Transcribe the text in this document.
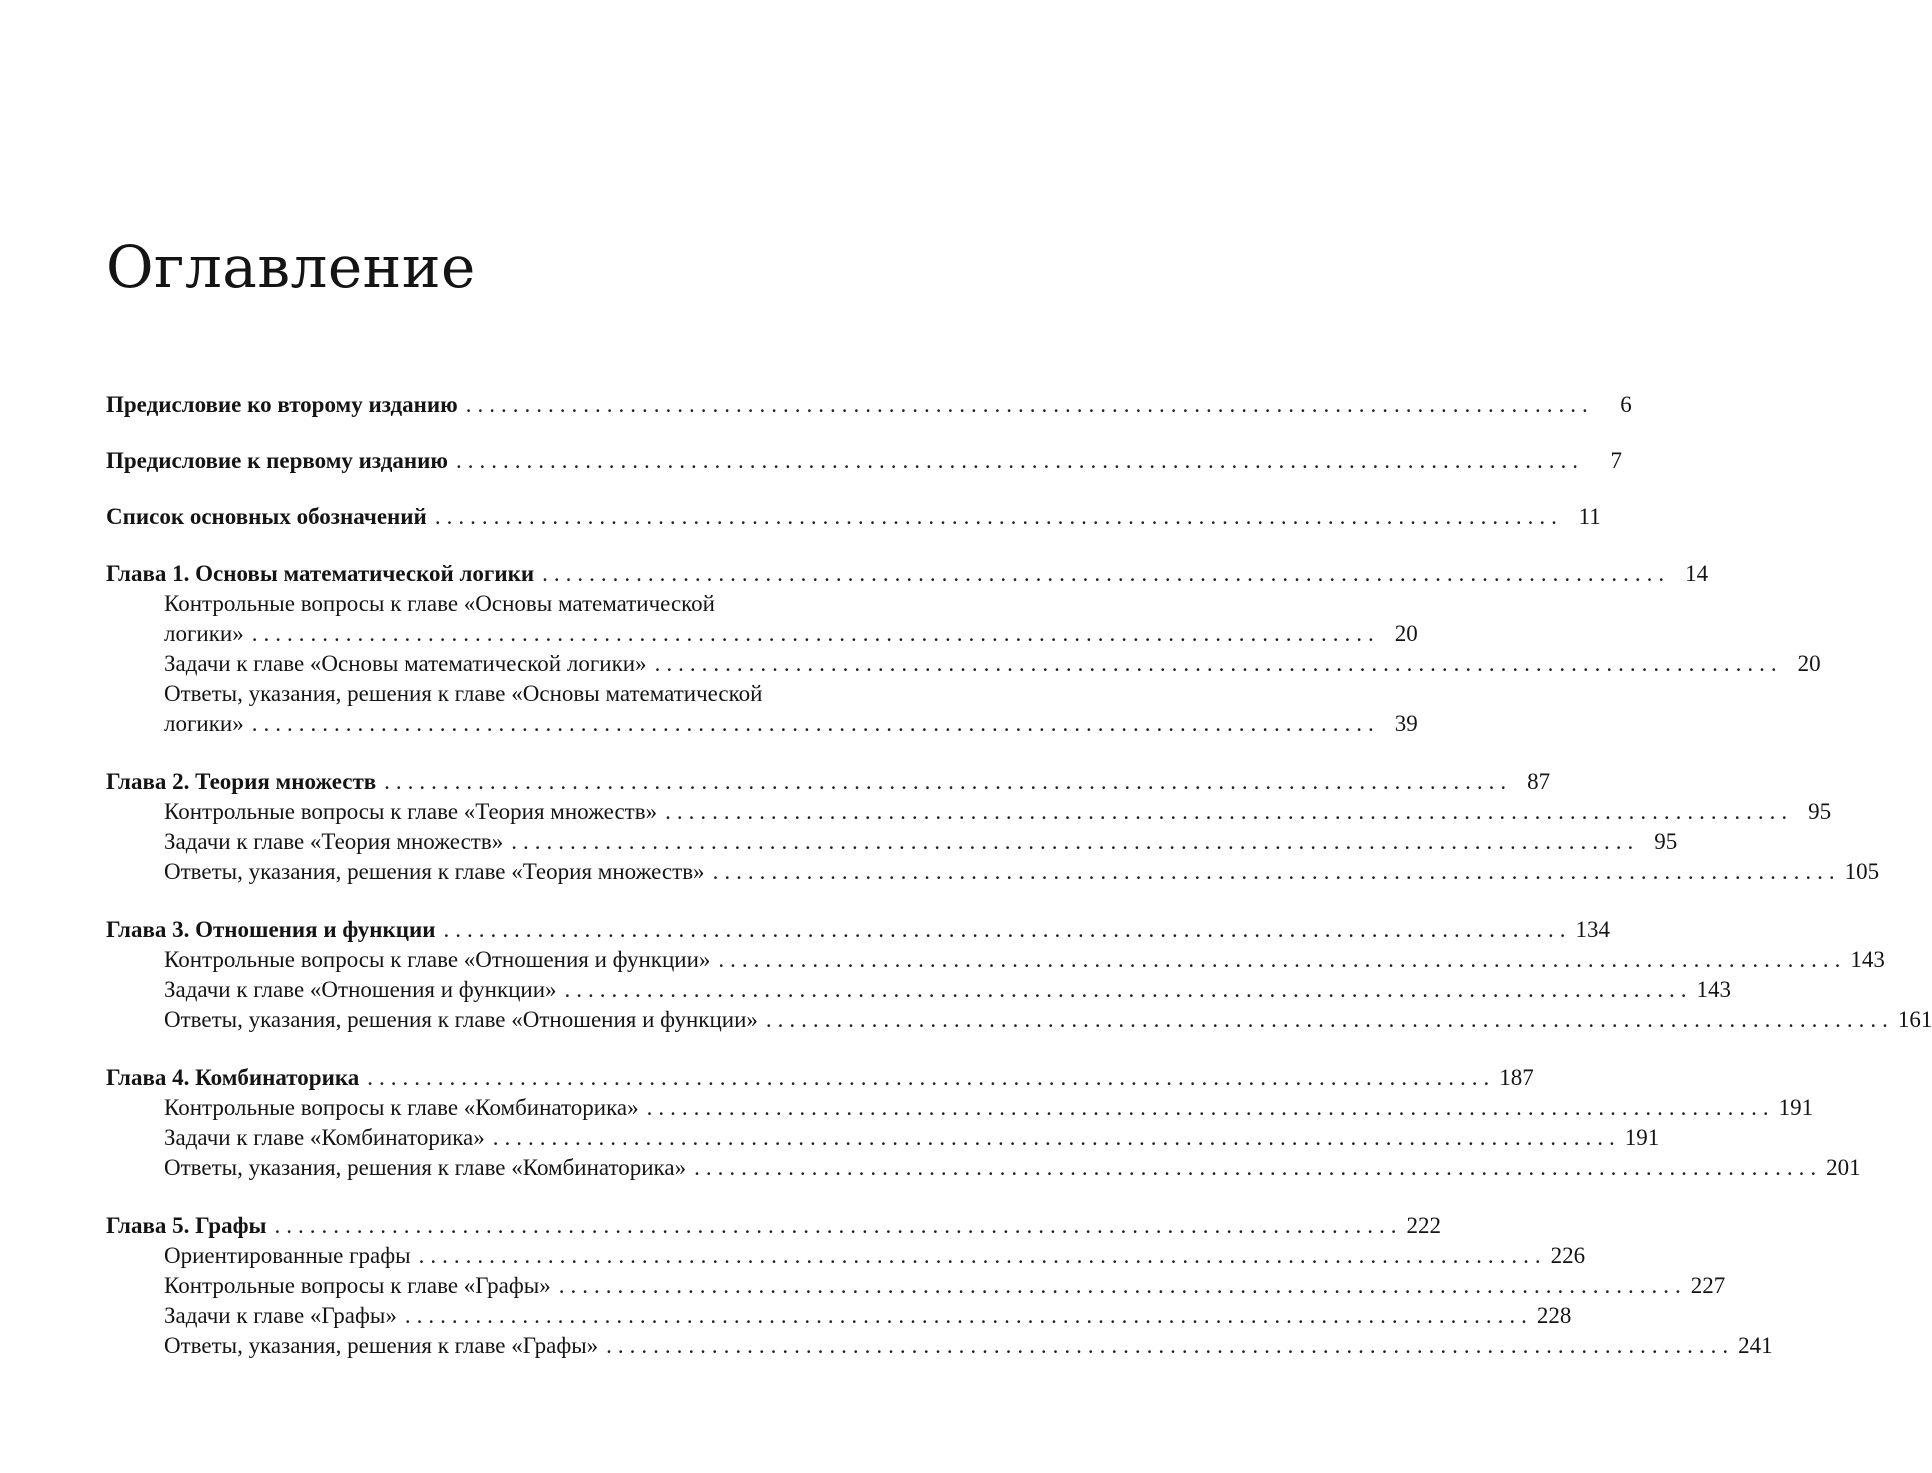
Оглавление
Предисловие ко второму изданию ................................................................................................	6
Предисловие к первому изданию ................................................................................................	7
Список основных обозначений ................................................................................................ 11
Глава 1. Основы математической логики ................................................................................................ 14
Контрольные вопросы к главе «Основы математической
логики» ................................................................................................ 20
Задачи к главе «Основы математической логики» ................................................................................................ 20
Ответы, указания, решения к главе «Основы математической
логики» ................................................................................................ 39
Глава 2. Теория множеств ................................................................................................ 87
Контрольные вопросы к главе «Теория множеств» ................................................................................................ 95
Задачи к главе «Теория множеств» ................................................................................................ 95
Ответы, указания, решения к главе «Теория множеств» ................................................................................................ 105
Глава 3. Отношения и функции ................................................................................................ 134
Контрольные вопросы к главе «Отношения и функции» ................................................................................................ 143
Задачи к главе «Отношения и функции» ................................................................................................ 143
Ответы, указания, решения к главе «Отношения и функции» ................................................................................................ 161
Глава 4. Комбинаторика ................................................................................................ 187
Контрольные вопросы к главе «Комбинаторика» ................................................................................................ 191
Задачи к главе «Комбинаторика» ................................................................................................ 191
Ответы, указания, решения к главе «Комбинаторика» ................................................................................................ 201
Глава 5. Графы ................................................................................................ 222
Ориентированные графы ................................................................................................ 226
Контрольные вопросы к главе «Графы» ................................................................................................ 227
Задачи к главе «Графы» ................................................................................................ 228
Ответы, указания, решения к главе «Графы» ................................................................................................ 241
